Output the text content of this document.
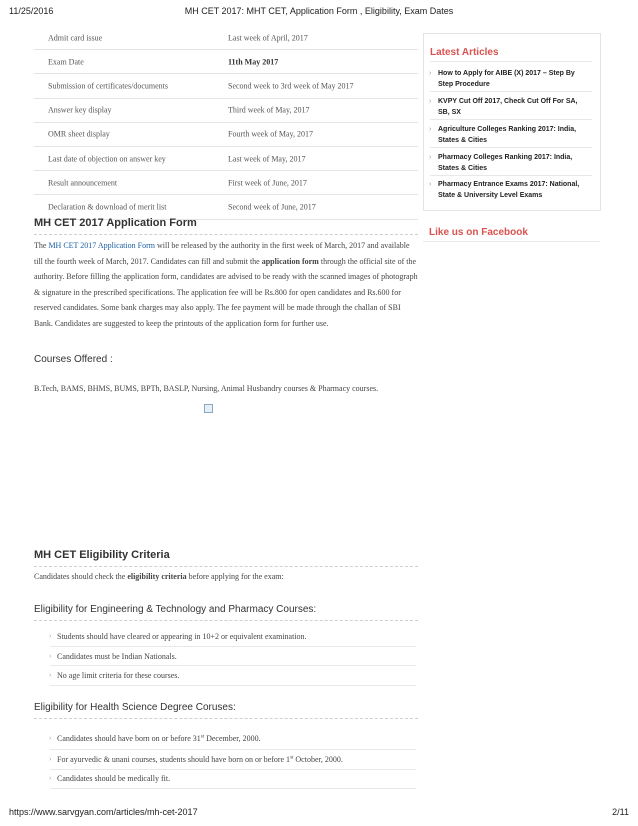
11/25/2016	MH CET 2017: MHT CET, Application Form , Eligibility, Exam Dates
Admit card issue	Last week of April, 2017
Exam Date	11th May 2017
Submission of certificates/documents	Second week to 3rd week of May 2017
Answer key display	Third week of May, 2017
OMR sheet display	Fourth week of May, 2017
Last date of objection on answer key	Last week of May, 2017
Result announcement	First week of June, 2017
Declaration & download of merit list	Second week of June, 2017
MH CET 2017 Application Form

The MH CET 2017 Application Form will be released by the authority in the first week of March, 2017 and available till the fourth week of March, 2017. Candidates can fill and submit the application form through the official site of the authority. Before filling the application form, candidates are advised to be ready with the scanned images of photograph & signature in the prescribed specifications. The application fee will be Rs.800 for open candidates and Rs.600 for reserved candidates. Some bank charges may also apply. The fee payment will be made through the challan of SBI Bank. Candidates are suggested to keep the printouts of the application form for further use.

Courses Offered :
B.Tech, BAMS, BHMS, BUMS, BPTh, BASLP, Nursing, Animal Husbandry courses & Pharmacy courses.
MH CET Eligibility Criteria
Candidates should check the eligibility criteria before applying for the exam:
Eligibility for Engineering & Technology and Pharmacy Courses:
› Students should have cleared or appearing in 10+2 or equivalent examination.
› Candidates must be Indian Nationals.
› No age limit criteria for these courses.
Eligibility for Health Science Degree Coruses:
› Candidates should have born on or before 31st December, 2000.
› For ayurvedic & unani courses, students should have born on or before 1st October, 2000.
› Candidates should be medically fit.
Latest Articles
› How to Apply for AIBE (X) 2017 – Step By Step Procedure
› KVPY Cut Off 2017, Check Cut Off For SA, SB, SX
› Agriculture Colleges Ranking 2017: India, States & Cities
› Pharmacy Colleges Ranking 2017: India, States & Cities
› Pharmacy Entrance Exams 2017: National, State & University Level Exams
Like us on Facebook
https://www.sarvgyan.com/articles/mh-cet-2017	2/11
